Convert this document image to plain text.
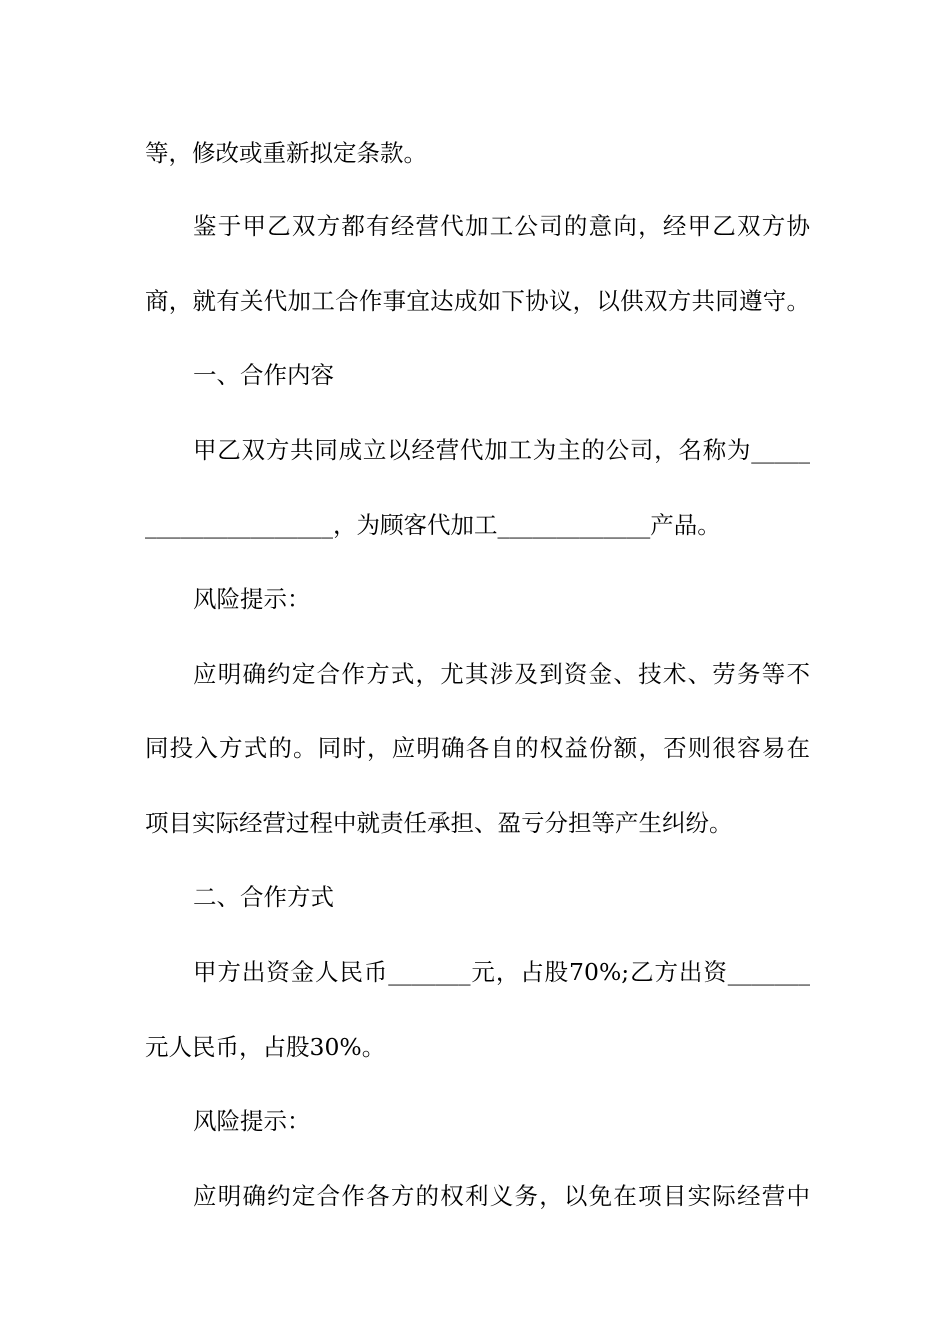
等，修改或重新拟定条款。
鉴于甲乙双方都有经营代加工公司的意向，经甲乙双方协
商，就有关代加工合作事宜达成如下协议，以供双方共同遵守。
一、合作内容
甲乙双方共同成立以经营代加工为主的公司，名称为_____
________________，为顾客代加工_____________产品。
风险提示：
应明确约定合作方式，尤其涉及到资金、技术、劳务等不
同投入方式的。同时，应明确各自的权益份额，否则很容易在
项目实际经营过程中就责任承担、盈亏分担等产生纠纷。
二、合作方式
甲方出资金人民币_______元，占股70%;乙方出资_______
元人民币，占股30%。
风险提示：
应明确约定合作各方的权利义务，以免在项目实际经营中
